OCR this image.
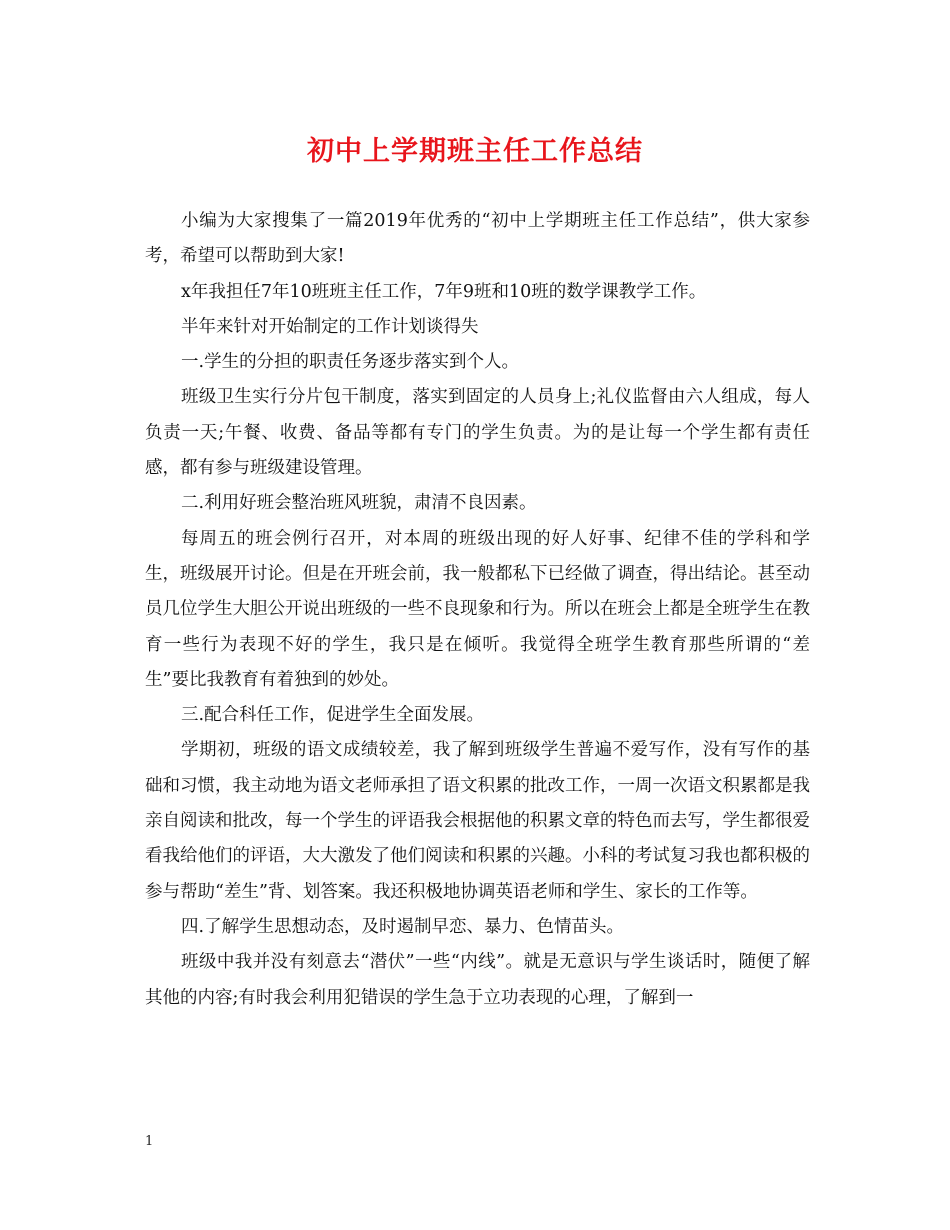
初中上学期班主任工作总结

小编为大家搜集了一篇2019年优秀的“初中上学期班主任工作总结”，供大家参考，希望可以帮助到大家!

x年我担任7年10班班主任工作，7年9班和10班的数学课教学工作。

半年来针对开始制定的工作计划谈得失

一.学生的分担的职责任务逐步落实到个人。

班级卫生实行分片包干制度，落实到固定的人员身上;礼仪监督由六人组成，每人负责一天;午餐、收费、备品等都有专门的学生负责。为的是让每一个学生都有责任感，都有参与班级建设管理。

二.利用好班会整治班风班貌，肃清不良因素。

每周五的班会例行召开，对本周的班级出现的好人好事、纪律不佳的学科和学生，班级展开讨论。但是在开班会前，我一般都私下已经做了调查，得出结论。甚至动员几位学生大胆公开说出班级的一些不良现象和行为。所以在班会上都是全班学生在教育一些行为表现不好的学生，我只是在倾听。我觉得全班学生教育那些所谓的“差生”要比我教育有着独到的妙处。

三.配合科任工作，促进学生全面发展。

学期初，班级的语文成绩较差，我了解到班级学生普遍不爱写作，没有写作的基础和习惯，我主动地为语文老师承担了语文积累的批改工作，一周一次语文积累都是我亲自阅读和批改，每一个学生的评语我会根据他的积累文章的特色而去写，学生都很爱看我给他们的评语，大大激发了他们阅读和积累的兴趣。小科的考试复习我也都积极的参与帮助“差生”背、划答案。我还积极地协调英语老师和学生、家长的工作等。

四.了解学生思想动态，及时遏制早恋、暴力、色情苗头。

班级中我并没有刻意去“潜伏”一些“内线”。就是无意识与学生谈话时，随便了解其他的内容;有时我会利用犯错误的学生急于立功表现的心理，了解到一

1
